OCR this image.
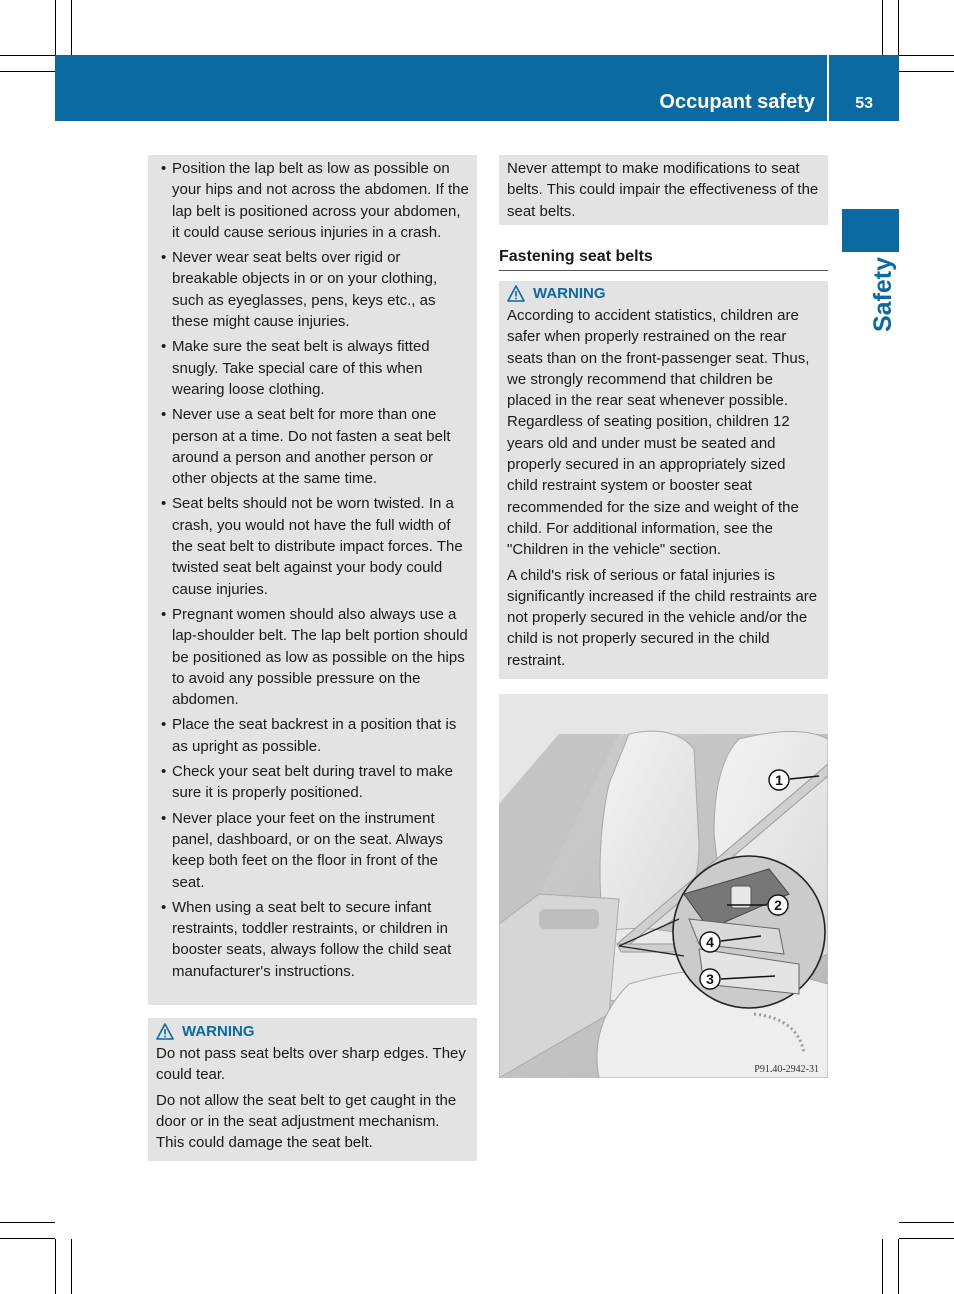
Occupant safety	53
Safety
• Position the lap belt as low as possible on your hips and not across the abdomen. If the lap belt is positioned across your abdomen, it could cause serious injuries in a crash.
• Never wear seat belts over rigid or breakable objects in or on your clothing, such as eyeglasses, pens, keys etc., as these might cause injuries.
• Make sure the seat belt is always fitted snugly. Take special care of this when wearing loose clothing.
• Never use a seat belt for more than one person at a time. Do not fasten a seat belt around a person and another person or other objects at the same time.
• Seat belts should not be worn twisted. In a crash, you would not have the full width of the seat belt to distribute impact forces. The twisted seat belt against your body could cause injuries.
• Pregnant women should also always use a lap-shoulder belt. The lap belt portion should be positioned as low as possible on the hips to avoid any possible pressure on the abdomen.
• Place the seat backrest in a position that is as upright as possible.
• Check your seat belt during travel to make sure it is properly positioned.
• Never place your feet on the instrument panel, dashboard, or on the seat. Always keep both feet on the floor in front of the seat.
• When using a seat belt to secure infant restraints, toddler restraints, or children in booster seats, always follow the child seat manufacturer's instructions.
WARNING

Do not pass seat belts over sharp edges. They could tear.

Do not allow the seat belt to get caught in the door or in the seat adjustment mechanism. This could damage the seat belt.

Never attempt to make modifications to seat belts. This could impair the effectiveness of the seat belts.

Fastening seat belts
WARNING

According to accident statistics, children are safer when properly restrained on the rear seats than on the front-passenger seat. Thus, we strongly recommend that children be placed in the rear seat whenever possible. Regardless of seating position, children 12 years old and under must be seated and properly secured in an appropriately sized child restraint system or booster seat recommended for the size and weight of the child. For additional information, see the "Children in the vehicle" section.

A child's risk of serious or fatal injuries is significantly increased if the child restraints are not properly secured in the vehicle and/or the child is not properly secured in the child restraint.

1
2
4
3
P91.40-2942-31
